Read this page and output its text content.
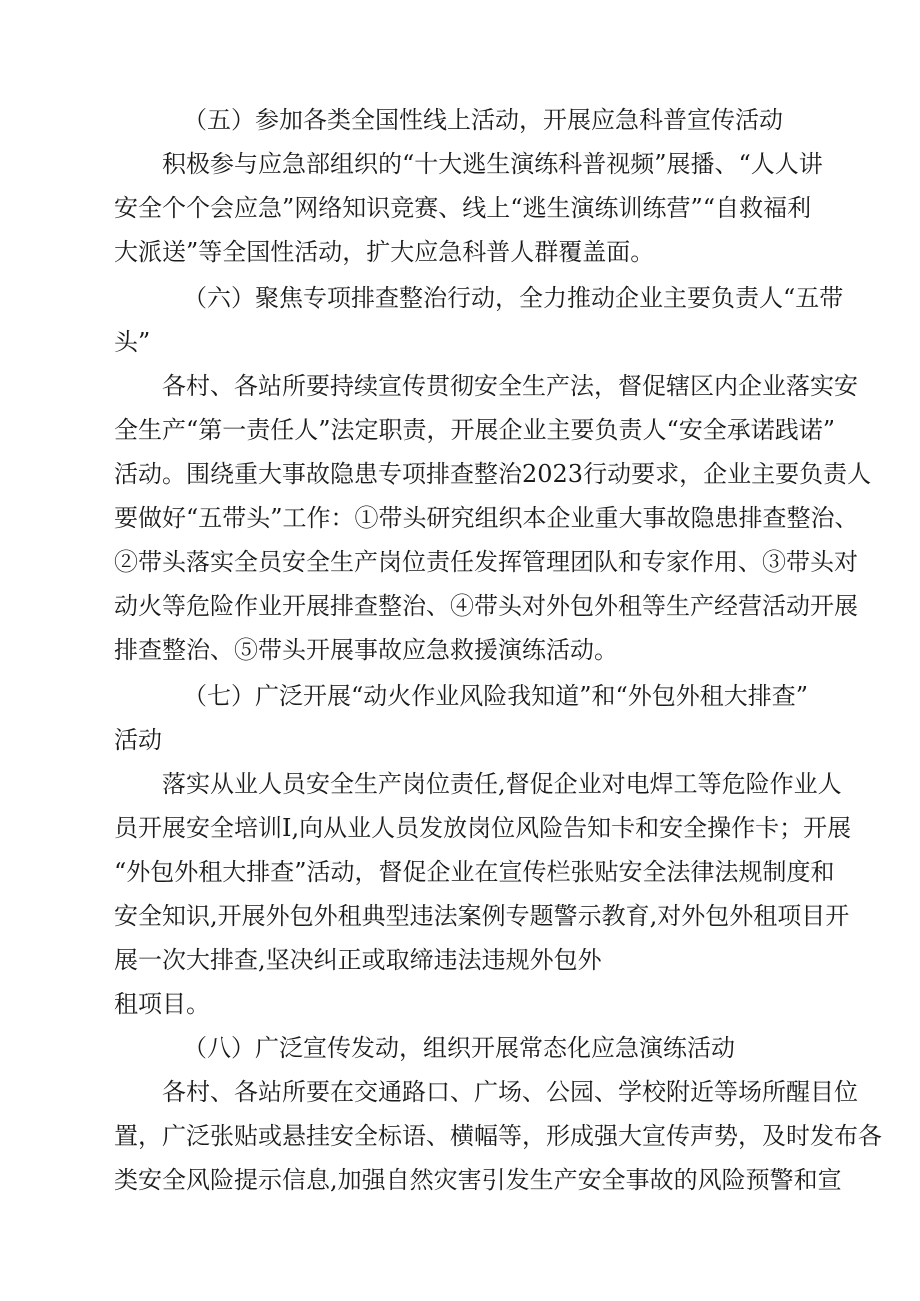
（五）参加各类全国性线上活动，开展应急科普宣传活动

积极参与应急部组织的“十大逃生演练科普视频”展播、“人人讲

安全个个会应急”网络知识竞赛、线上“逃生演练训练营”“自救福利

大派送”等全国性活动，扩大应急科普人群覆盖面。

（六）聚焦专项排查整治行动，全力推动企业主要负责人“五带

头”

各村、各站所要持续宣传贯彻安全生产法，督促辖区内企业落实安

全生产“第一责任人”法定职责，开展企业主要负责人“安全承诺践诺”

活动。围绕重大事故隐患专项排查整治2023行动要求，企业主要负责人

要做好“五带头”工作：①带头研究组织本企业重大事故隐患排查整治、

②带头落实全员安全生产岗位责任发挥管理团队和专家作用、③带头对

动火等危险作业开展排查整治、④带头对外包外租等生产经营活动开展

排查整治、⑤带头开展事故应急救援演练活动。

（七）广泛开展“动火作业风险我知道”和“外包外租大排查”

活动

落实从业人员安全生产岗位责任,督促企业对电焊工等危险作业人

员开展安全培训I,向从业人员发放岗位风险告知卡和安全操作卡；开展

“外包外租大排查”活动，督促企业在宣传栏张贴安全法律法规制度和

安全知识,开展外包外租典型违法案例专题警示教育,对外包外租项目开

展一次大排查,坚决纠正或取缔违法违规外包外

租项目。

（八）广泛宣传发动，组织开展常态化应急演练活动

各村、各站所要在交通路口、广场、公园、学校附近等场所醒目位

置，广泛张贴或悬挂安全标语、横幅等，形成强大宣传声势，及时发布各

类安全风险提示信息,加强自然灾害引发生产安全事故的风险预警和宣
